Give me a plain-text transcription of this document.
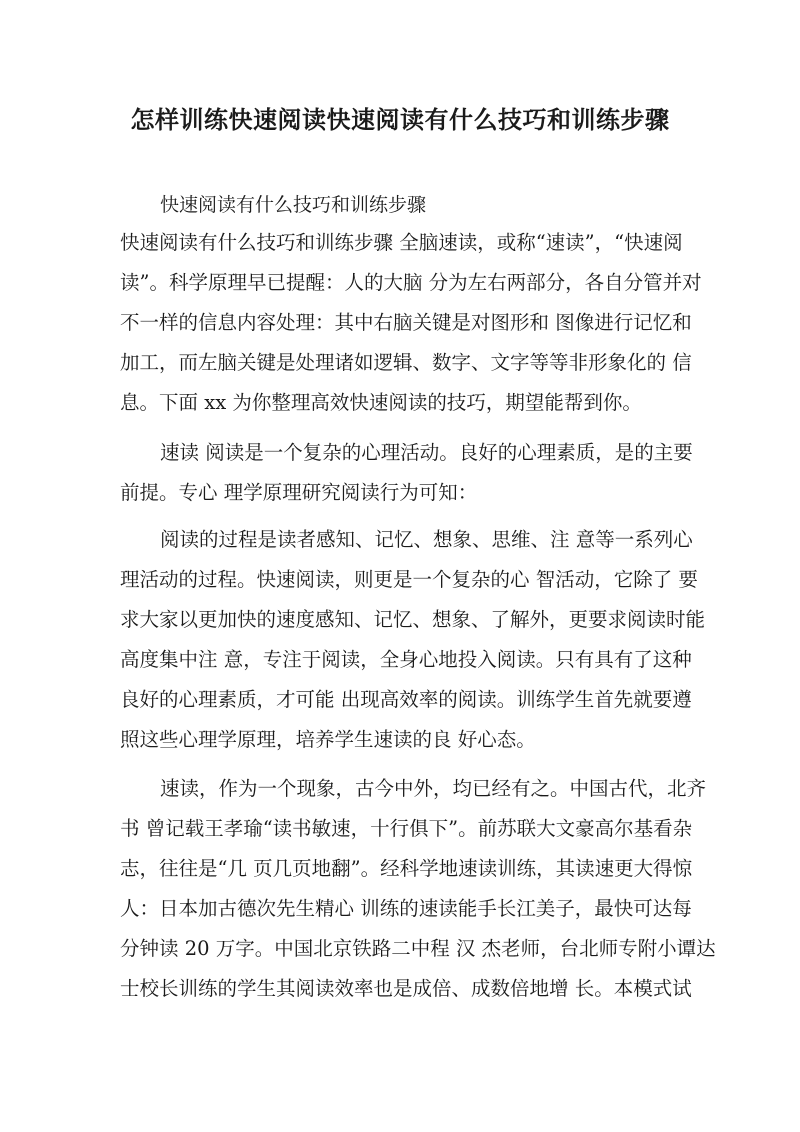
怎样训练快速阅读快速阅读有什么技巧和训练步骤

快速阅读有什么技巧和训练步骤

快速阅读有什么技巧和训练步骤 全脑速读，或称“速读”，“快速阅

读”。科学原理早已提醒：人的大脑 分为左右两部分，各自分管并对

不一样的信息内容处理：其中右脑关键是对图形和 图像进行记忆和

加工，而左脑关键是处理诸如逻辑、数字、文字等等非形象化的 信

息。下面 xx 为你整理高效快速阅读的技巧，期望能帮到你。

速读 阅读是一个复杂的心理活动。良好的心理素质，是的主要

前提。专心 理学原理研究阅读行为可知：

阅读的过程是读者感知、记忆、想象、思维、注 意等一系列心

理活动的过程。快速阅读，则更是一个复杂的心 智活动，它除了 要

求大家以更加快的速度感知、记忆、想象、了解外，更要求阅读时能

高度集中注 意，专注于阅读，全身心地投入阅读。只有具有了这种

良好的心理素质，才可能 出现高效率的阅读。训练学生首先就要遵

照这些心理学原理，培养学生速读的良 好心态。

速读，作为一个现象，古今中外，均已经有之。中国古代，北齐

书 曾记载王孝瑜“读书敏速，十行俱下”。前苏联大文豪高尔基看杂

志，往往是“几 页几页地翻”。经科学地速读训练，其读速更大得惊

人：日本加古德次先生精心 训练的速读能手长江美子，最快可达每

分钟读 20 万字。中国北京铁路二中程 汉 杰老师，台北师专附小谭达

士校长训练的学生其阅读效率也是成倍、成数倍地增 长。本模式试
